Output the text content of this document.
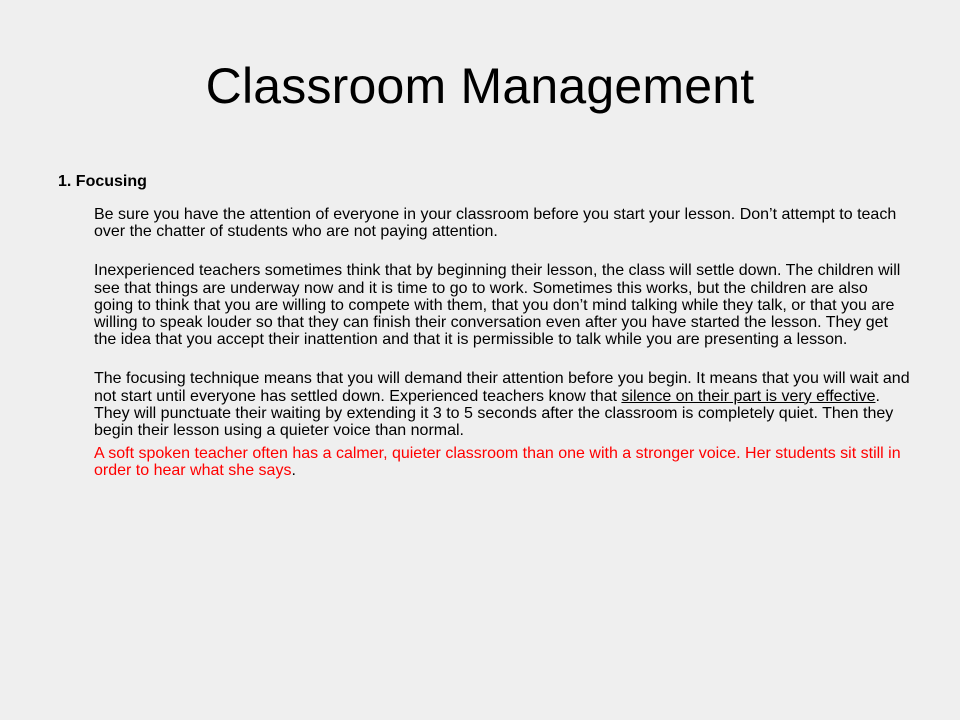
Classroom Management
1. Focusing
Be sure you have the attention of everyone in your classroom before you start your lesson. Don’t attempt to teach over the chatter of students who are not paying attention.
Inexperienced teachers sometimes think that by beginning their lesson, the class will settle down. The children will see that things are underway now and it is time to go to work. Sometimes this works, but the children are also going to think that you are willing to compete with them, that you don’t mind talking while they talk, or that you are willing to speak louder so that they can finish their conversation even after you have started the lesson. They get the idea that you accept their inattention and that it is permissible to talk while you are presenting a lesson.
The focusing technique means that you will demand their attention before you begin. It means that you will wait and not start until everyone has settled down. Experienced teachers know that silence on their part is very effective. They will punctuate their waiting by extending it 3 to 5 seconds after the classroom is completely quiet. Then they begin their lesson using a quieter voice than normal.
A soft spoken teacher often has a calmer, quieter classroom than one with a stronger voice. Her students sit still in order to hear what she says.
